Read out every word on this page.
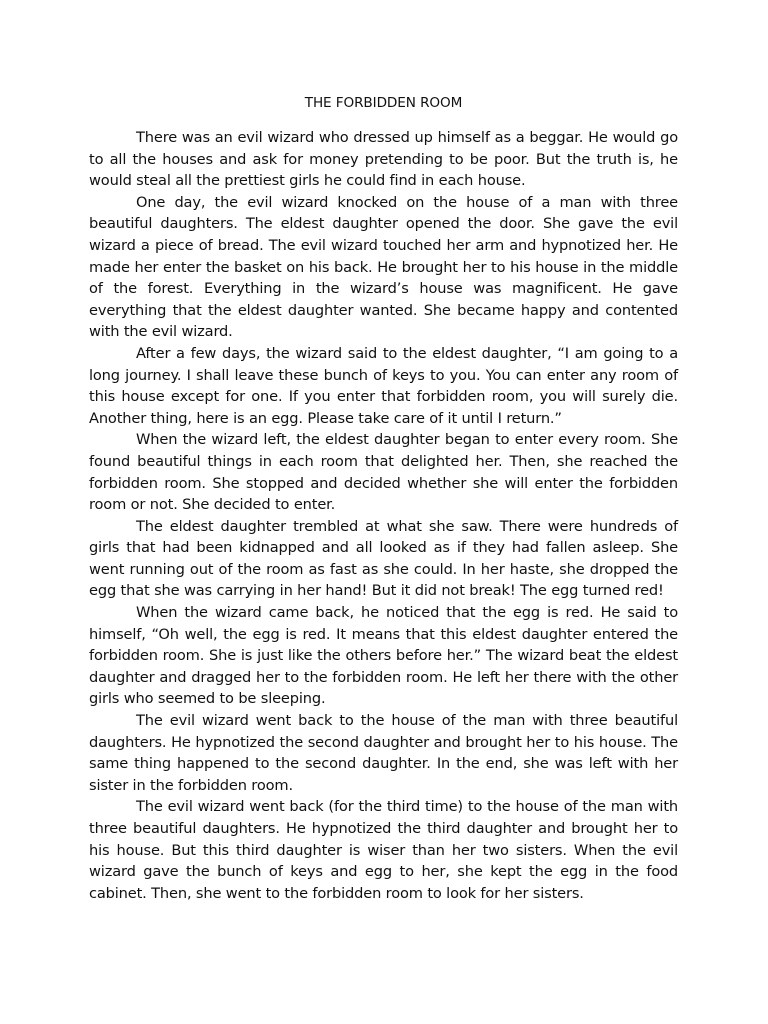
THE FORBIDDEN ROOM

There was an evil wizard who dressed up himself as a beggar. He would go to all the houses and ask for money pretending to be poor. But the truth is, he would steal all the prettiest girls he could find in each house.

One day, the evil wizard knocked on the house of a man with three beautiful daughters. The eldest daughter opened the door. She gave the evil wizard a piece of bread. The evil wizard touched her arm and hypnotized her. He made her enter the basket on his back. He brought her to his house in the middle of the forest. Everything in the wizard’s house was magnificent. He gave everything that the eldest daughter wanted. She became happy and contented with the evil wizard.

After a few days, the wizard said to the eldest daughter, “I am going to a long journey. I shall leave these bunch of keys to you. You can enter any room of this house except for one. If you enter that forbidden room, you will surely die. Another thing, here is an egg. Please take care of it until I return.”

When the wizard left, the eldest daughter began to enter every room. She found beautiful things in each room that delighted her. Then, she reached the forbidden room. She stopped and decided whether she will enter the forbidden room or not. She decided to enter.

The eldest daughter trembled at what she saw. There were hundreds of girls that had been kidnapped and all looked as if they had fallen asleep. She went running out of the room as fast as she could. In her haste, she dropped the egg that she was carrying in her hand! But it did not break! The egg turned red!

When the wizard came back, he noticed that the egg is red. He said to himself, “Oh well, the egg is red. It means that this eldest daughter entered the forbidden room. She is just like the others before her.” The wizard beat the eldest daughter and dragged her to the forbidden room. He left her there with the other girls who seemed to be sleeping.

The evil wizard went back to the house of the man with three beautiful daughters. He hypnotized the second daughter and brought her to his house. The same thing happened to the second daughter. In the end, she was left with her sister in the forbidden room.

The evil wizard went back (for the third time) to the house of the man with three beautiful daughters. He hypnotized the third daughter and brought her to his house. But this third daughter is wiser than her two sisters. When the evil wizard gave the bunch of keys and egg to her, she kept the egg in the food cabinet. Then, she went to the forbidden room to look for her sisters.
